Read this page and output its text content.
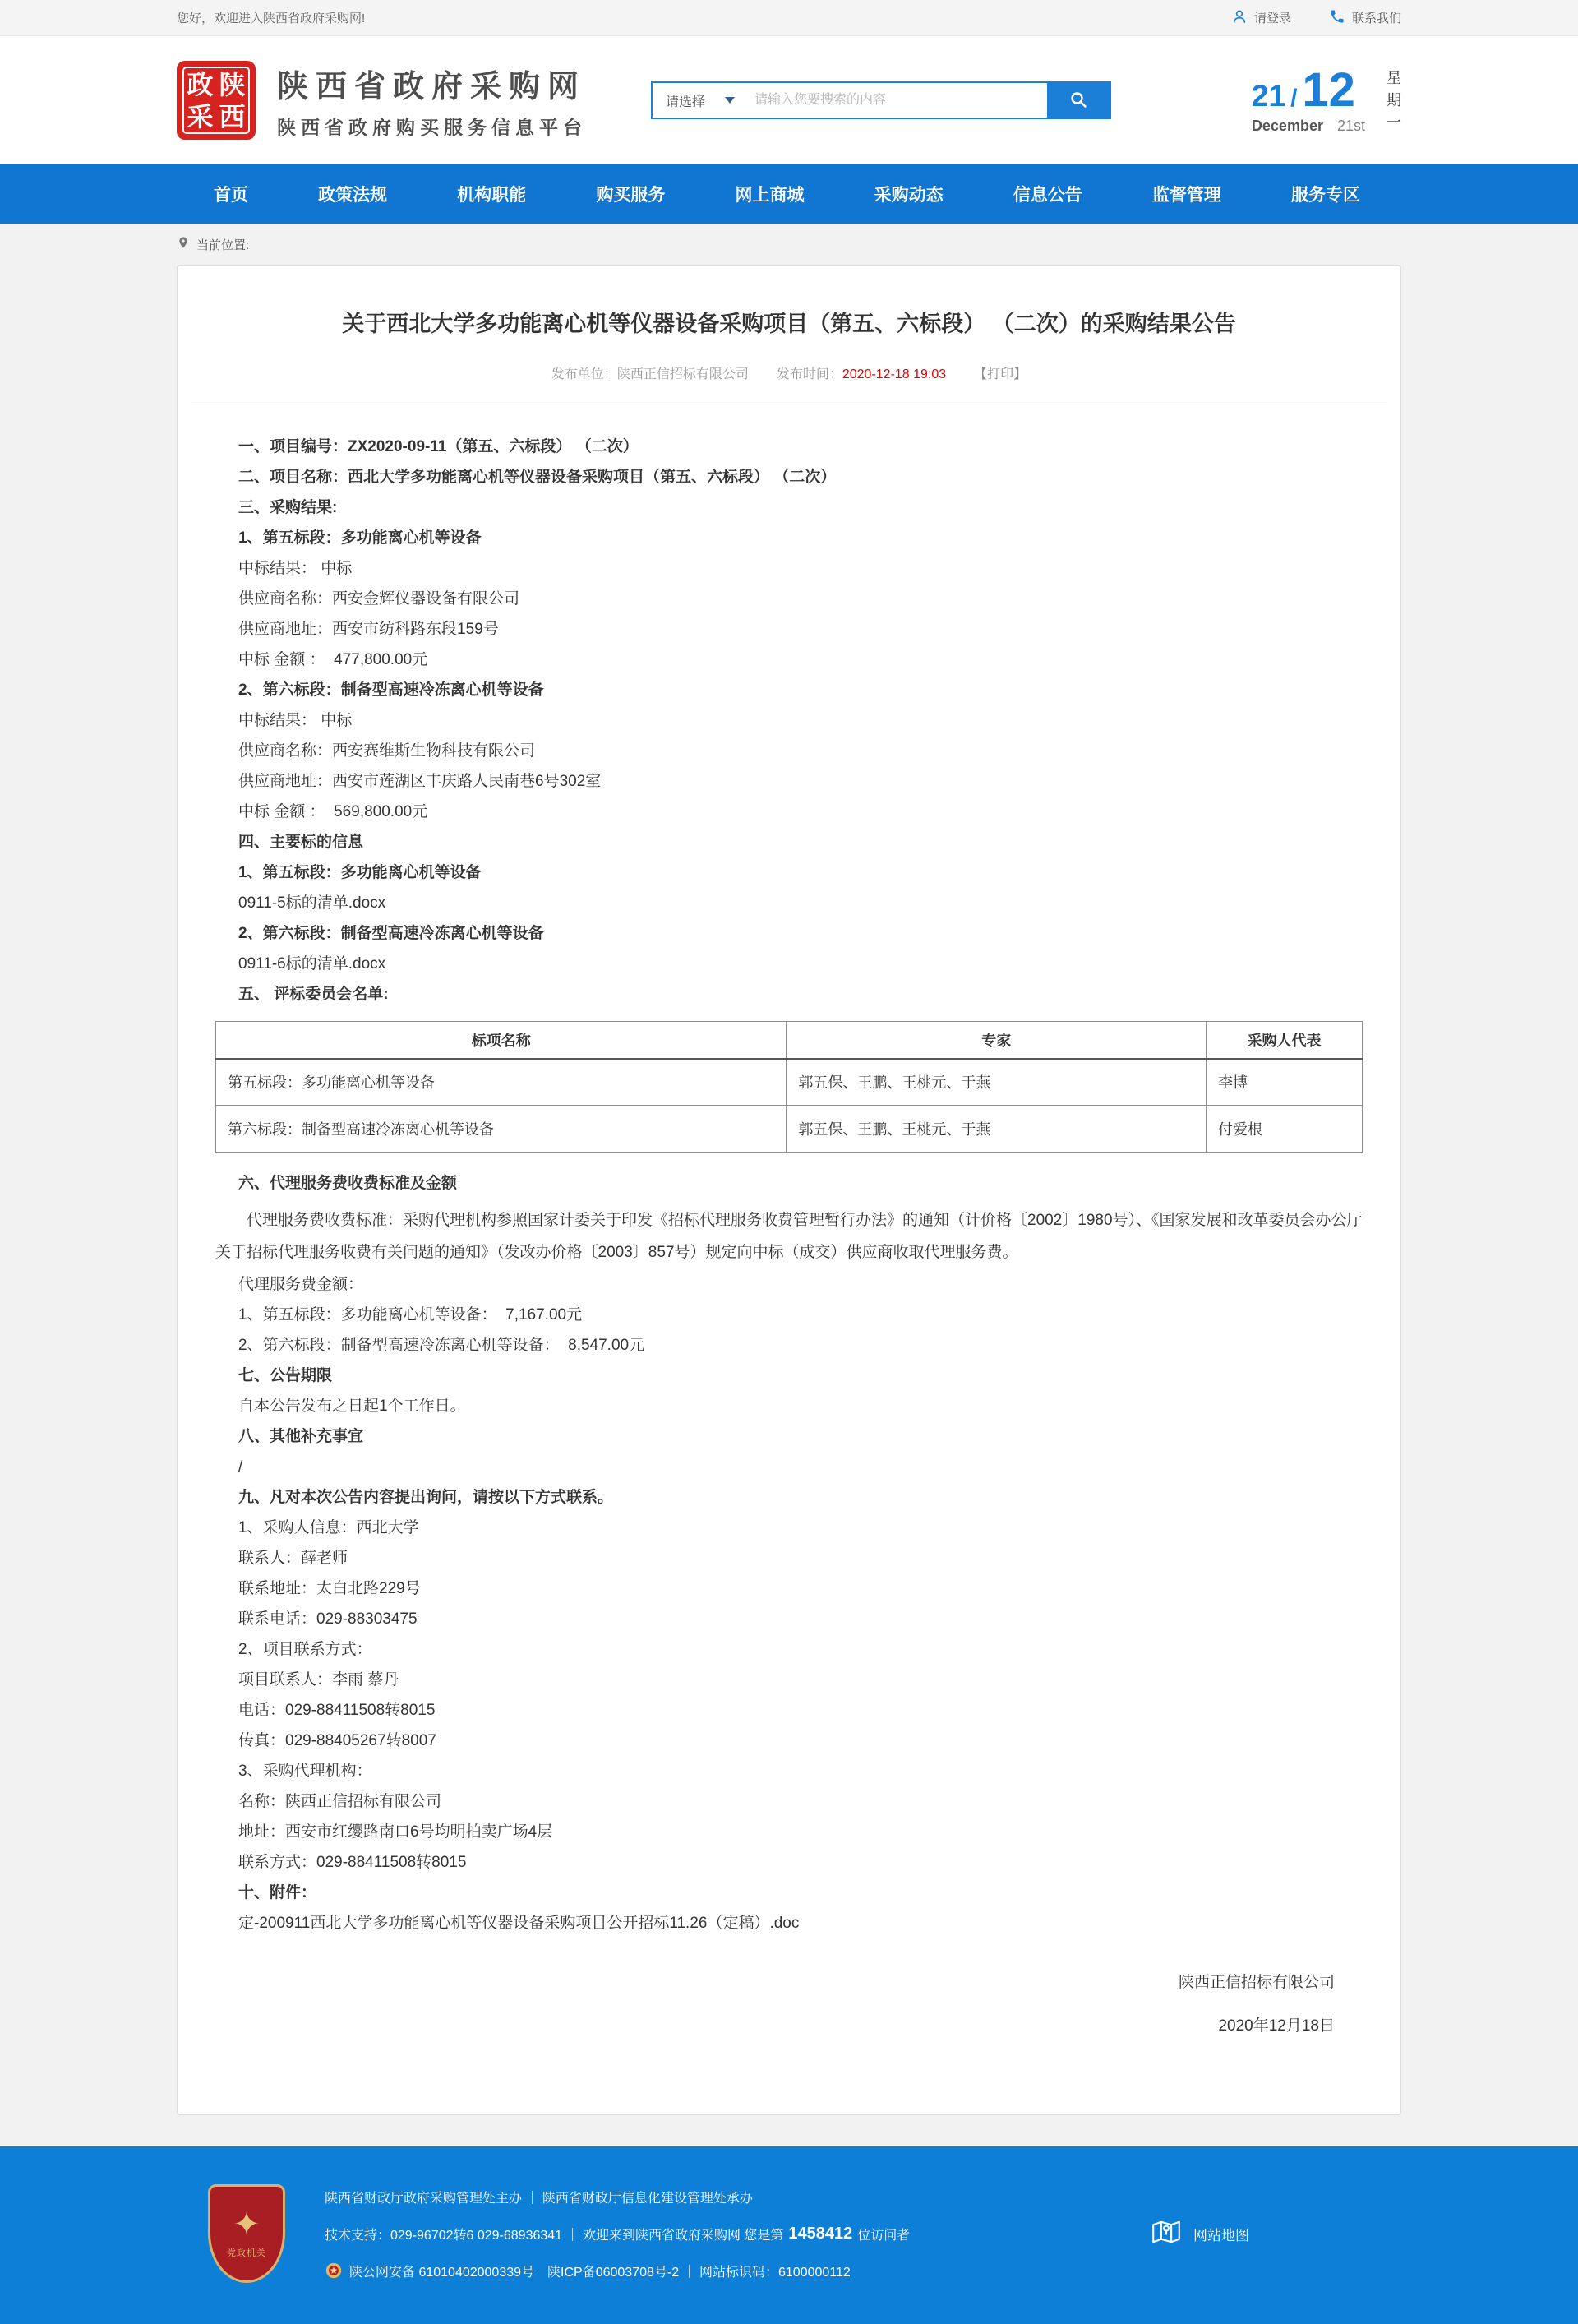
您好，欢迎进入陕西省政府采购网!	请登录	联系我们
政 陕
采 西
陕西省政府采购网
陕西省政府购买服务信息平台
请选择
请输入您要搜索的内容	21 / 12
December 21st
星
期
一
首页	政策法规	机构职能	购买服务	网上商城	采购动态	信息公告	监督管理	服务专区
当前位置:
关于西北大学多功能离心机等仪器设备采购项目（第五、六标段） （二次）的采购结果公告
发布单位：陕西正信招标有限公司 发布时间：2020-12-18 19:03 【打印】

一、项目编号：ZX2020-09-11（第五、六标段） （二次）

二、项目名称：西北大学多功能离心机等仪器设备采购项目（第五、六标段） （二次）

三、采购结果:

1、第五标段：多功能离心机等设备

中标结果： 中标

供应商名称：西安金辉仪器设备有限公司

供应商地址：西安市纺科路东段159号

中标 金额 ：  477,800.00元

2、第六标段：制备型高速冷冻离心机等设备

中标结果： 中标

供应商名称：西安赛维斯生物科技有限公司

供应商地址：西安市莲湖区丰庆路人民南巷6号302室

中标 金额 ：  569,800.00元

四、主要标的信息

1、第五标段：多功能离心机等设备

0911-5标的清单.docx

2、第六标段：制备型高速冷冻离心机等设备

0911-6标的清单.docx

五、 评标委员会名单:

标项名称	专家	采购人代表
第五标段：多功能离心机等设备	郭五保、王鹏、王桃元、于燕	李博
第六标段：制备型高速冷冻离心机等设备	郭五保、王鹏、王桃元、于燕	付爱根

六、代理服务费收费标准及金额

代理服务费收费标准：采购代理机构参照国家计委关于印发《招标代理服务收费管理暂行办法》的通知（计价格〔2002〕1980号）、《国家发展和改革委员会办公厅关于招标代理服务收费有关问题的通知》（发改办价格〔2003〕857号）规定向中标（成交）供应商收取代理服务费。

代理服务费金额：

1、第五标段：多功能离心机等设备：  7,167.00元

2、第六标段：制备型高速冷冻离心机等设备：  8,547.00元

七、公告期限

自本公告发布之日起1个工作日。

八、其他补充事宜

/

九、凡对本次公告内容提出询问，请按以下方式联系。

1、采购人信息：西北大学

联系人：薛老师

联系地址：太白北路229号

联系电话：029-88303475

2、项目联系方式：

项目联系人：李雨 蔡丹

电话：029-88411508转8015

传真：029-88405267转8007

3、采购代理机构：

名称：陕西正信招标有限公司

地址：西安市红缨路南口6号均明拍卖广场4层

联系方式：029-88411508转8015

十、附件：

定-200911西北大学多功能离心机等仪器设备采购项目公开招标11.26（定稿）.doc

陕西正信招标有限公司

2020年12月18日

✦
党政机关

陕西省财政厅政府采购管理处主办 ｜ 陕西省财政厅信息化建设管理处承办

技术支持：029-96702转6 029-68936341 ｜ 欢迎来到陕西省政府采购网 您是第 1458412 位访问者

陕公网安备 61010402000339号　陕ICP备06003708号-2 ｜ 网站标识码：6100000112

网站地图
